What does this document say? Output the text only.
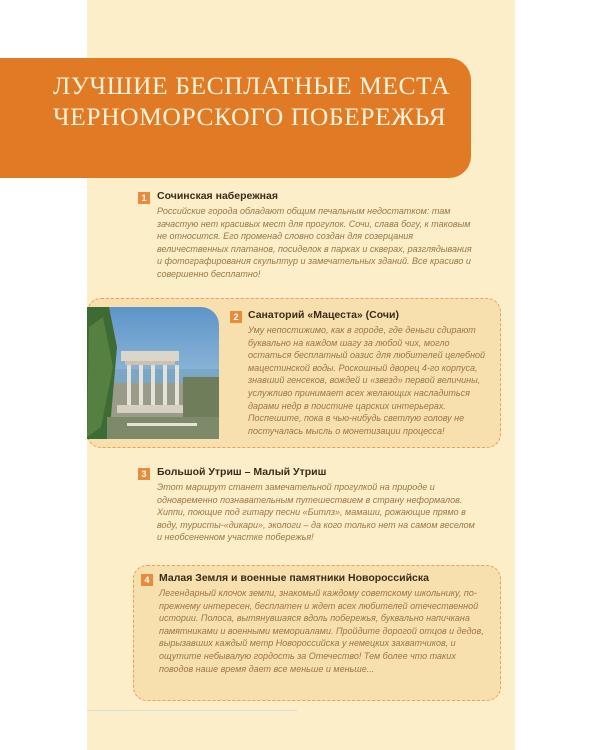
ЛУЧШИЕ БЕСПЛАТНЫЕ МЕСТА ЧЕРНОМОРСКОГО ПОБЕРЕЖЬЯ
1	Сочинская набережная

Российские города обладают общим печальным недостатком: там зачастую нет красивых мест для прогулок. Сочи, слава богу, к таковым не относится. Его променад словно создан для созерцания величественных платанов, посиделок в парках и скверах, разглядывания и фотографирования скульптур и замечательных зданий. Все красиво и совершенно бесплатно!

2 Санаторий «Мацеста» (Сочи)

Уму непостижимо, как в городе, где деньги сдирают буквально на каждом шагу за любой чих, могло остаться бесплатный оазис для любителей целебной мацестинской воды. Роскошный дворец 4-го корпуса, знавший генсеков, вождей и «звезд» первой величины, услужливо принимает всех желающих насладиться дарами недр в поистине царских интерьерах. Поспешите, пока в чью-нибудь светлую голову не постучалась мысль о монетизации процесса!

3	Большой Утриш – Малый Утриш

Этот маршрут станет замечательной прогулкой на природе и одновременно познавательным путешествием в страну неформалов. Хиппи, поющие под гитару песни «Битлз», мамаши, рожающие прямо в воду, туристы-«дикари», экологи – да кого только нет на самом веселом и необсененном участке побережья!

4 Малая Земля и военные памятники Новороссийска

Легендарный клочок земли, знакомый каждому советскому школьнику, по-прежнему интересен, бесплатен и ждет всех любителей отечественной истории. Полоса, вытянувшаяся вдоль побережья, буквально напичкана памятниками и военными мемориалами. Пройдите дорогой отцов и дедов, вырызавших каждый метр Новороссийска у немецких захватчиков, и ощутите небывалую гордость за Отечество! Тем более что таких поводов наше время дает все меньше и меньше...
